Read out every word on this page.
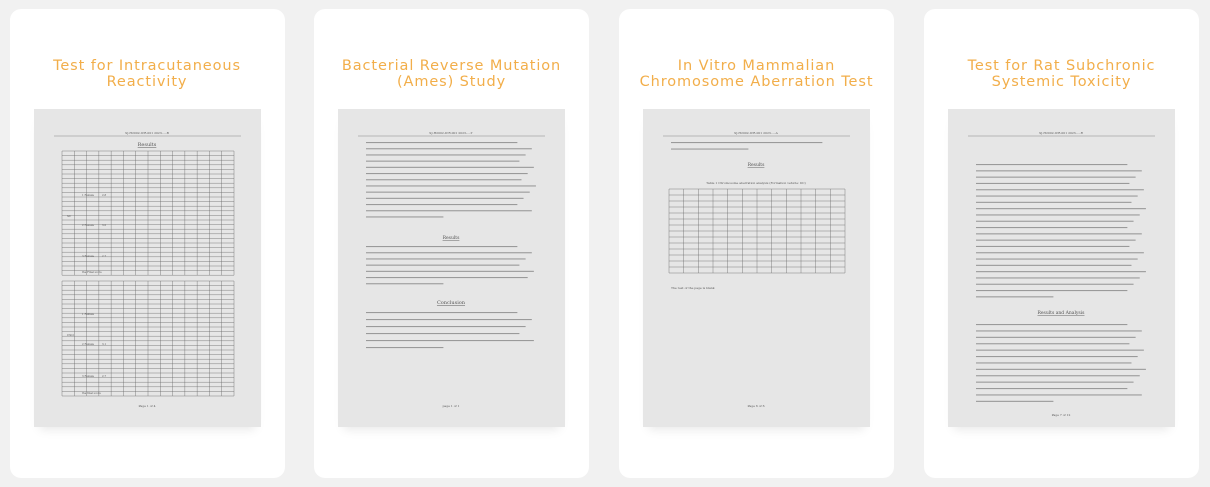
Test for Intracutaneous Reactivity
SJ-H2002-ICR-001 2023-...-B
Results
SC
1 Female
2 Female
3 Female
2.8
3.0
2.7
the Final score
CSO
1 Female
2 Female
3 Female
3.1
2.7
the final score
Page 1 of 4
Bacterial Reverse Mutation (Ames) Study
SJ-H2002-ICR-001 2023-...-T
Results
Conclusion
page 1 of 1
In Vitro Mammalian Chromosome Aberration Test
SJ-H2002-ICR-001 2023-...-A
Results
Table 1 Chromosome aberration analysis (Formation vehicle: DC)
The rest of the page is blank
Page 6 of 6
Test for Rat Subchronic Systemic Toxicity
SJ-H2002-ICR-001 2023-...-R
Results and Analysis
Page 7 of 12
